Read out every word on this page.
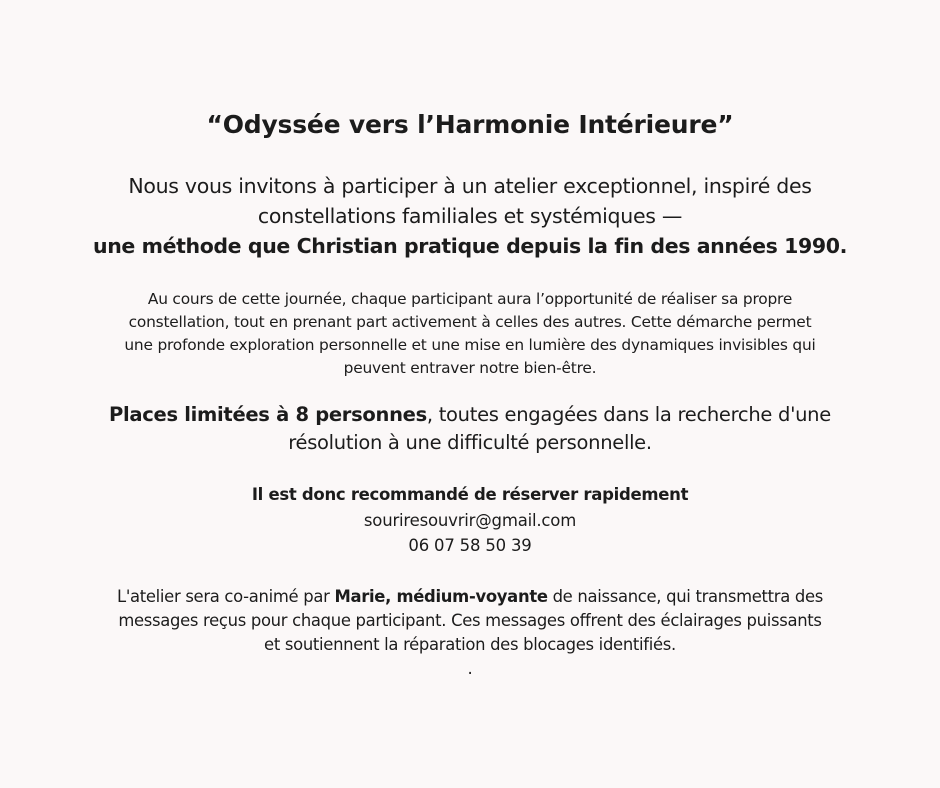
“Odyssée vers l’Harmonie Intérieure”

Nous vous invitons à participer à un atelier exceptionnel, inspiré des
constellations familiales et systémiques —
une méthode que Christian pratique depuis la fin des années 1990.

Au cours de cette journée, chaque participant aura l’opportunité de réaliser sa propre
constellation, tout en prenant part activement à celles des autres. Cette démarche permet
une profonde exploration personnelle et une mise en lumière des dynamiques invisibles qui
peuvent entraver notre bien-être.

Places limitées à 8 personnes, toutes engagées dans la recherche d'une
résolution à une difficulté personnelle.

Il est donc recommandé de réserver rapidement
souriresouvrir@gmail.com
06 07 58 50 39

L'atelier sera co-animé par Marie, médium-voyante de naissance, qui transmettra des
messages reçus pour chaque participant. Ces messages offrent des éclairages puissants
et soutiennent la réparation des blocages identifiés.
.
